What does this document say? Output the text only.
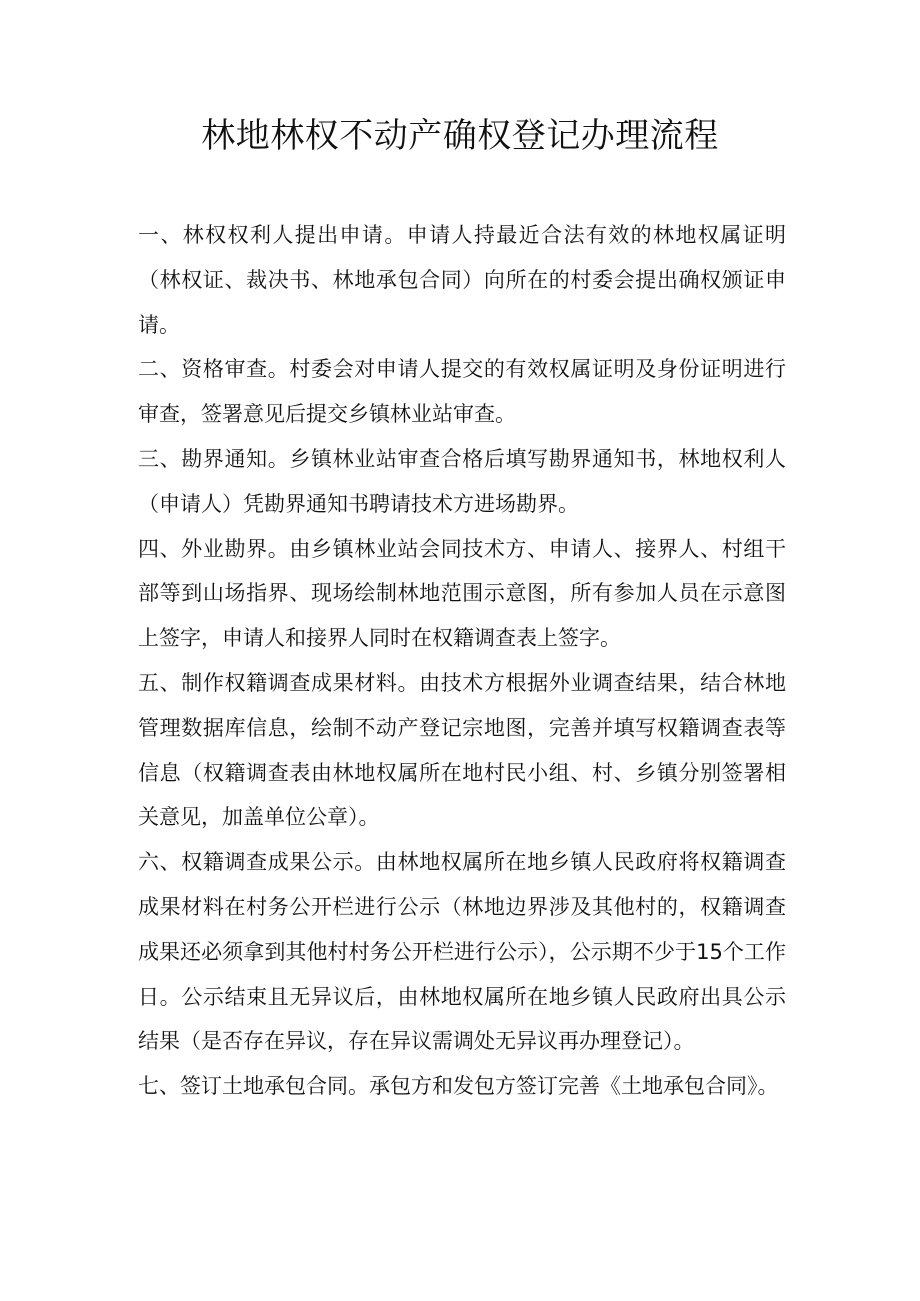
林地林权不动产确权登记办理流程

一、林权权利人提出申请。申请人持最近合法有效的林地权属证明（林权证、裁决书、林地承包合同）向所在的村委会提出确权颁证申请。

二、资格审查。村委会对申请人提交的有效权属证明及身份证明进行审查，签署意见后提交乡镇林业站审查。

三、勘界通知。乡镇林业站审查合格后填写勘界通知书，林地权利人（申请人）凭勘界通知书聘请技术方进场勘界。

四、外业勘界。由乡镇林业站会同技术方、申请人、接界人、村组干部等到山场指界、现场绘制林地范围示意图，所有参加人员在示意图上签字，申请人和接界人同时在权籍调查表上签字。

五、制作权籍调查成果材料。由技术方根据外业调查结果，结合林地管理数据库信息，绘制不动产登记宗地图，完善并填写权籍调查表等信息（权籍调查表由林地权属所在地村民小组、村、乡镇分别签署相关意见，加盖单位公章）。

六、权籍调查成果公示。由林地权属所在地乡镇人民政府将权籍调查成果材料在村务公开栏进行公示（林地边界涉及其他村的，权籍调查成果还必须拿到其他村村务公开栏进行公示），公示期不少于15个工作日。公示结束且无异议后，由林地权属所在地乡镇人民政府出具公示结果（是否存在异议，存在异议需调处无异议再办理登记）。

七、签订土地承包合同。承包方和发包方签订完善《土地承包合同》。
